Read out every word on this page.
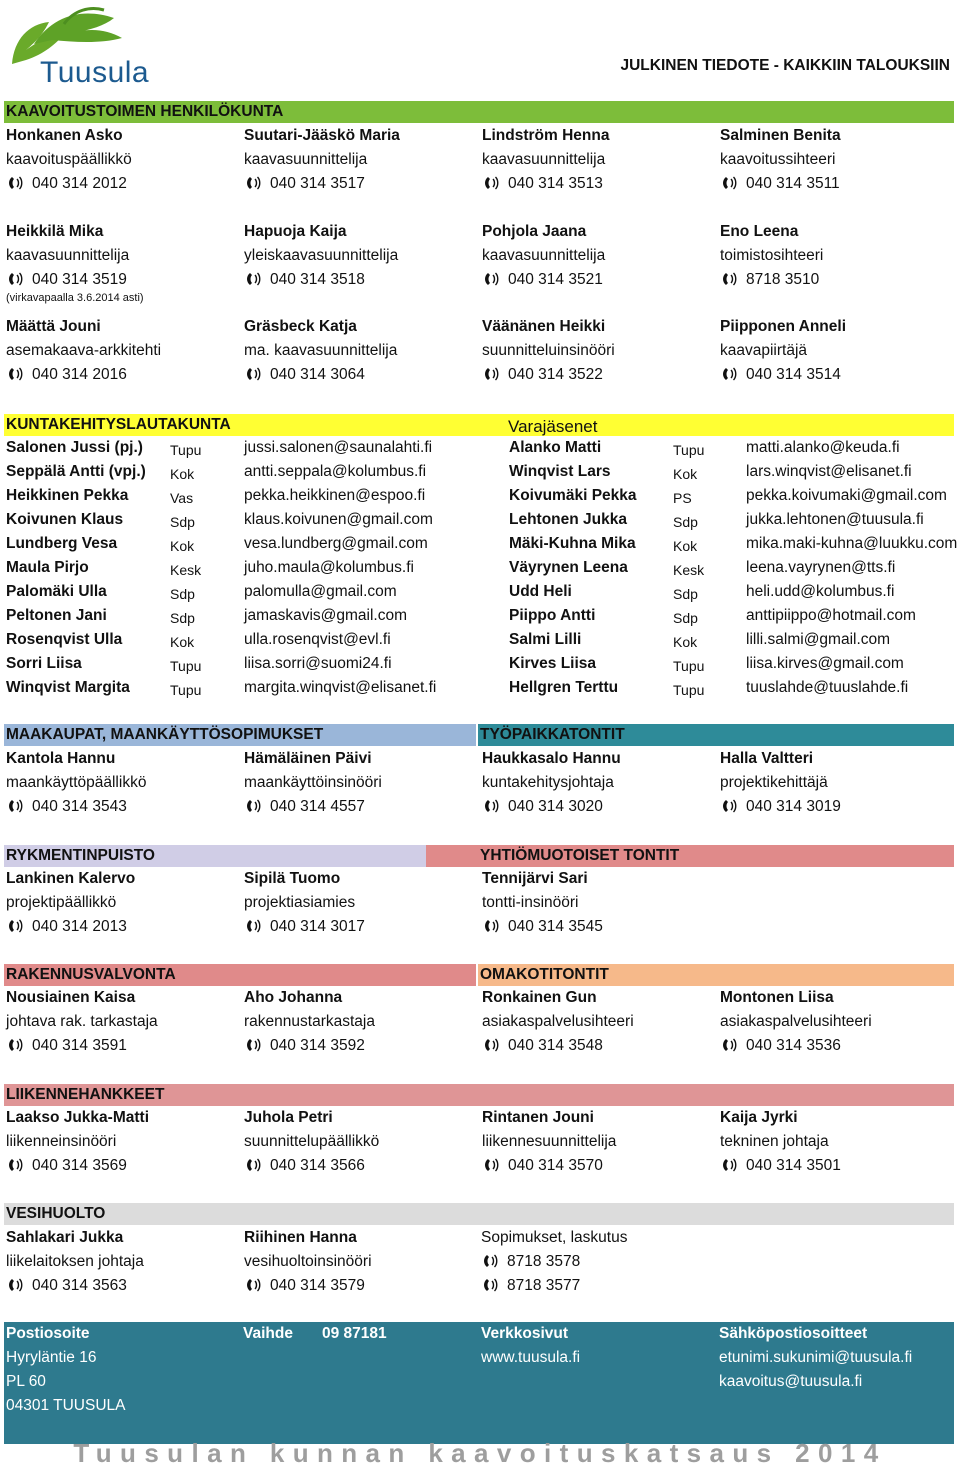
Tuusula	JULKINEN TIEDOTE - KAIKKIIN TALOUKSIIN
KAAVOITUSTOIMEN HENKILÖKUNTA
Honkanen Asko
kaavoituspäällikkö
040 314 2012
Suutari-Jääskö Maria
kaavasuunnittelija
040 314 3517
Lindström Henna
kaavasuunnittelija
040 314 3513
Salminen Benita
kaavoitussihteeri
040 314 3511
Heikkilä Mika
kaavasuunnittelija
040 314 3519
(virkavapaalla 3.6.2014 asti)
Hapuoja Kaija
yleiskaavasuunnittelija
040 314 3518
Pohjola Jaana
kaavasuunnittelija
040 314 3521
Eno Leena
toimistosihteeri
8718 3510
Määttä Jouni
asemakaava-arkkitehti
040 314 2016
Gräsbeck Katja
ma. kaavasuunnittelija
040 314 3064
Väänänen Heikki
suunnitteluinsinööri
040 314 3522
Piipponen Anneli
kaavapiirtäjä
040 314 3514
KUNTAKEHITYSLAUTAKUNTA	Varajäsenet
Salonen Jussi (pj.) Tupu	jussi.salonen@saunalahti.fi	Alanko Matti	Tupu	matti.alanko@keuda.fi
Seppälä Antti (vpj.) Kok	antti.seppala@kolumbus.fi	Winqvist Lars	Kok	lars.winqvist@elisanet.fi
Heikkinen Pekka	Vas	pekka.heikkinen@espoo.fi	Koivumäki Pekka	PS	pekka.koivumaki@gmail.com
Koivunen Klaus	Sdp	klaus.koivunen@gmail.com	Lehtonen Jukka	Sdp	jukka.lehtonen@tuusula.fi
Lundberg Vesa	Kok	vesa.lundberg@gmail.com	Mäki-Kuhna Mika	Kok	mika.maki-kuhna@luukku.com
Maula Pirjo	Kesk	juho.maula@kolumbus.fi	Väyrynen Leena	Kesk	leena.vayrynen@tts.fi
Palomäki Ulla	Sdp	palomulla@gmail.com	Udd Heli	Sdp	heli.udd@kolumbus.fi
Peltonen Jani	Sdp	jamaskavis@gmail.com	Piippo Antti	Sdp	anttipiippo@hotmail.com
Rosenqvist Ulla	Kok	ulla.rosenqvist@evl.fi	Salmi Lilli	Kok	lilli.salmi@gmail.com
Sorri Liisa	Tupu	liisa.sorri@suomi24.fi	Kirves Liisa	Tupu	liisa.kirves@gmail.com
Winqvist Margita	Tupu	margita.winqvist@elisanet.fi	Hellgren Terttu	Tupu	tuuslahde@tuuslahde.fi
MAAKAUPAT, MAANKÄYTTÖSOPIMUKSET	TYÖPAIKKATONTIT
Kantola Hannu
maankäyttöpäällikkö
040 314 3543
Hämäläinen Päivi
maankäyttöinsinööri
040 314 4557
Haukkasalo Hannu
kuntakehitysjohtaja
040 314 3020
Halla Valtteri
projektikehittäjä
040 314 3019
RYKMENTINPUISTO	YHTIÖMUOTOISET TONTIT
Lankinen Kalervo
projektipäällikkö
040 314 2013
Sipilä Tuomo
projektiasiamies
040 314 3017
Tennijärvi Sari
tontti-insinööri
040 314 3545
RAKENNUSVALVONTA	OMAKOTITONTIT
Nousiainen Kaisa
johtava rak. tarkastaja
040 314 3591
Aho Johanna
rakennustarkastaja
040 314 3592
Ronkainen Gun
asiakaspalvelusihteeri
040 314 3548
Montonen Liisa
asiakaspalvelusihteeri
040 314 3536
LIIKENNEHANKKEET
Laakso Jukka-Matti
liikenneinsinööri
040 314 3569
Juhola Petri
suunnittelupäällikkö
040 314 3566
Rintanen Jouni
liikennesuunnittelija
040 314 3570
Kaija Jyrki
tekninen johtaja
040 314 3501
VESIHUOLTO
Sahlakari Jukka
liikelaitoksen johtaja
040 314 3563
Riihinen Hanna
vesihuoltoinsinööri
040 314 3579
Sopimukset, laskutus
8718 3578
8718 3577
Postiosoite
Hyryläntie 16
PL 60
04301 TUUSULA
Vaihde 09 87181	Verkkosivut
www.tuusula.fi
Sähköpostiosoitteet
etunimi.sukunimi@tuusula.fi
kaavoitus@tuusula.fi
Tuusulan kunnan kaavoituskatsaus 2014
